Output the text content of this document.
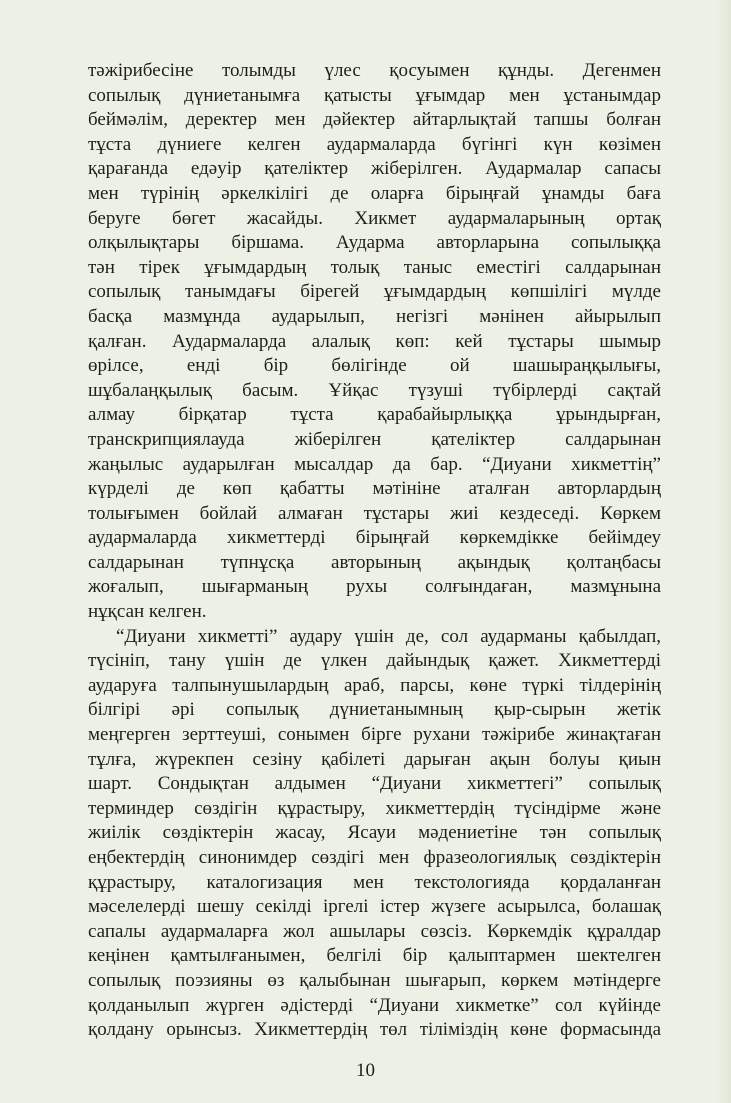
тәжірибесіне толымды үлес қосуымен құнды. Дегенмен
сопылық дүниетанымға қатысты ұғымдар мен ұстанымдар
беймәлім, деректер мен дәйектер айтарлықтай тапшы болған
тұста дүниеге келген аудармаларда бүгінгі күн көзімен
қарағанда едәуір қателіктер жіберілген. Аудармалар сапасы
мен түрінің әркелкілігі де оларға бірыңғай ұнамды баға
беруге бөгет жасайды. Хикмет аудармаларының ортақ
олқылықтары біршама. Аударма авторларына сопылыққа
тән тірек ұғымдардың толық таныс еместігі салдарынан
сопылық танымдағы бірегей ұғымдардың көпшілігі мүлде
басқа мазмұнда аударылып, негізгі мәнінен айырылып
қалған. Аудармаларда алалық көп: кей тұстары шымыр
өрілсе, енді бір бөлігінде ой шашыраңқылығы,
шұбалаңқылық басым. Ұйқас түзуші түбірлерді сақтай
алмау бірқатар тұста қарабайырлыққа ұрындырған,
транскрипциялауда жіберілген қателіктер салдарынан
жаңылыс аударылған мысалдар да бар. “Диуани хикметтің”
күрделі де көп қабатты мәтініне аталған авторлардың
толығымен бойлай алмаған тұстары жиі кездеседі. Көркем
аудармаларда хикметтерді бірыңғай көркемдікке бейімдеу
салдарынан түпнұсқа авторының ақындық қолтаңбасы
жоғалып, шығарманың рухы солғындаған, мазмұнына
нұқсан келген.
“Диуани хикметті” аудару үшін де, сол аударманы қабылдап,
түсініп, тану үшін де үлкен дайындық қажет. Хикметтерді
аударуға талпынушылардың араб, парсы, көне түркі тілдерінің
білгірі әрі сопылық дүниетанымның қыр-сырын жетік
меңгерген зерттеуші, сонымен бірге рухани тәжірибе жинақтаған
тұлға, жүрекпен сезіну қабілеті дарыған ақын болуы қиын
шарт. Сондықтан алдымен “Диуани хикметтегі” сопылық
терминдер сөздігін құрастыру, хикметтердің түсіндірме және
жиілік сөздіктерін жасау, Ясауи мәдениетіне тән сопылық
еңбектердің синонимдер сөздігі мен фразеологиялық сөздіктерін
құрастыру, каталогизация мен текстологияда қордаланған
мәселелерді шешу секілді іргелі істер жүзеге асырылса, болашақ
сапалы аудармаларға жол ашылары сөзсіз. Көркемдік құралдар
кеңінен қамтылғанымен, белгілі бір қалыптармен шектелген
сопылық поэзияны өз қалыбынан шығарып, көркем мәтіндерге
қолданылып жүрген әдістерді “Диуани хикметке” сол күйінде
қолдану орынсыз. Хикметтердің төл тіліміздің көне формасында
10
